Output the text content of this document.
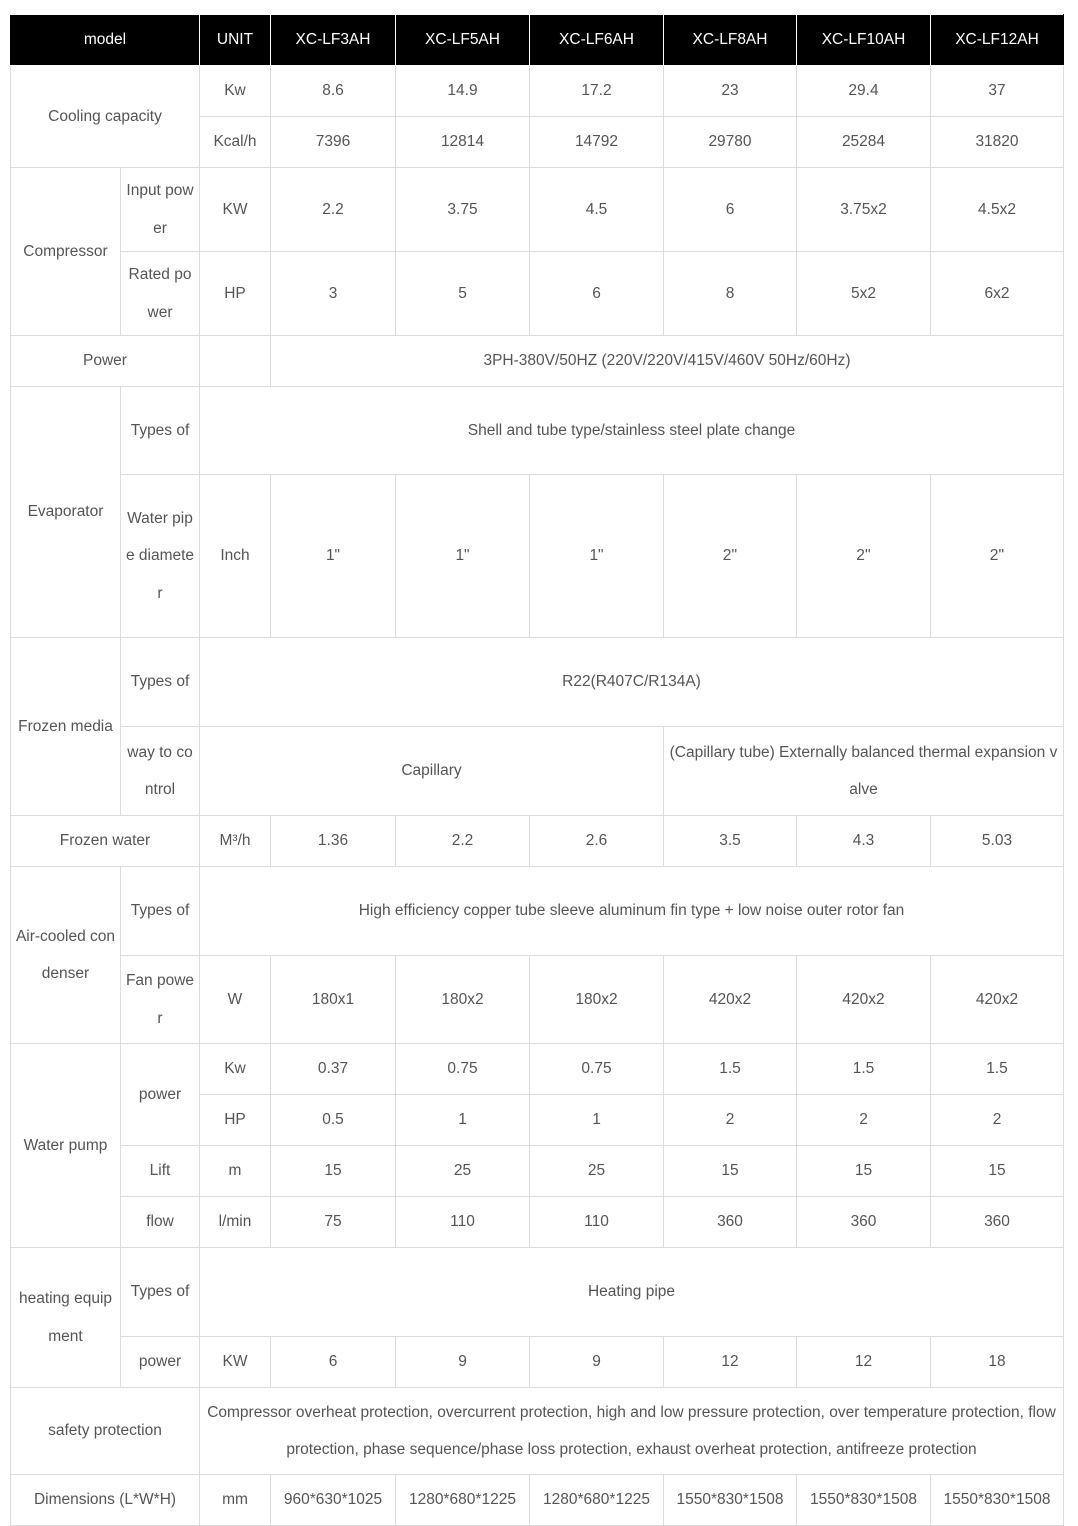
model		UNIT	XC-LF3AH	XC-LF5AH	XC-LF6AH	XC-LF8AH	XC-LF10AH	XC-LF12AH
Cooling capacity		Kw	8.6	14.9	17.2	23	29.4	37
		Kcal/h	7396	12814	14792	29780	25284	31820
Compressor	Input power	KW	2.2	3.75	4.5	6	3.75x2	4.5x2
	Rated power	HP	3	5	6	8	5x2	6x2
Power			3PH-380V/50HZ (220V/220V/415V/460V 50Hz/60Hz)					
Evaporator	Types of	Shell and tube type/stainless steel plate change						
	Water pipe diameter	Inch	1"	1"	1"	2''	2''	2''
Frozen media	Types of	R22(R407C/R134A)						
	way to control	Capillary				(Capillary tube) Externally balanced thermal expansion valve		
Frozen water		M³/h	1.36	2.2	2.6	3.5	4.3	5.03
Air-cooled condenser	Types of	High efficiency copper tube sleeve aluminum fin type + low noise outer rotor fan						
	Fan power	W	180x1	180x2	180x2	420x2	420x2	420x2
Water pump	power	Kw	0.37	0.75	0.75	1.5	1.5	1.5
		HP	0.5	1	1	2	2	2
	Lift	m	15	25	25	15	15	15
	flow	l/min	75	110	110	360	360	360
heating equipment	Types of	Heating pipe						
	power	KW	6	9	9	12	12	18
safety protection		Compressor overheat protection, overcurrent protection, high and low pressure protection, over temperature protection, flow protection, phase sequence/phase loss protection, exhaust overheat protection, antifreeze protection						
Dimensions (L*W*H)		mm	960*630*1025	1280*680*1225	1280*680*1225	1550*830*1508	1550*830*1508	1550*830*1508
